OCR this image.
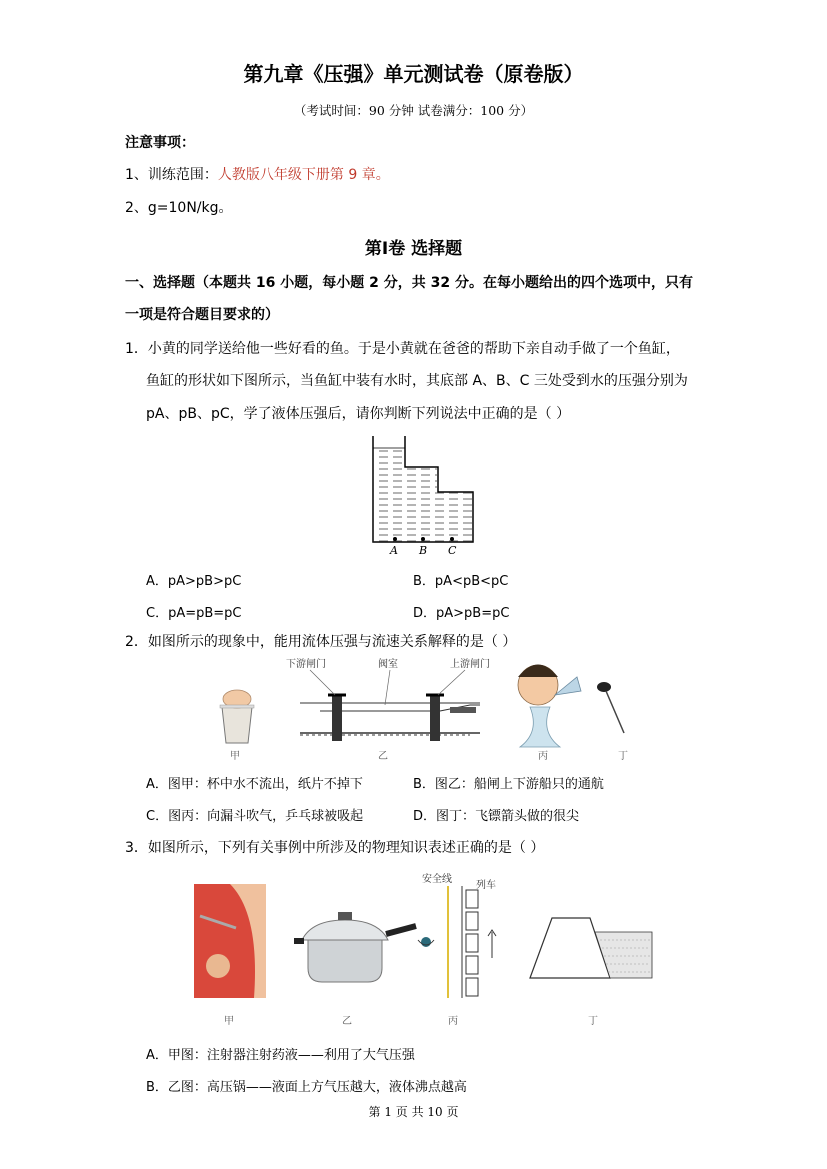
第九章《压强》单元测试卷（原卷版）
（考试时间：90 分钟 试卷满分：100 分）
注意事项：
1、训练范围：人教版八年级下册第 9 章。
2、g=10N/kg。
第Ⅰ卷 选择题
一、选择题（本题共 16 小题，每小题 2 分，共 32 分。在每小题给出的四个选项中，只有
一项是符合题目要求的）
1．小黄的同学送给他一些好看的鱼。于是小黄就在爸爸的帮助下亲自动手做了一个鱼缸，
鱼缸的形状如下图所示，当鱼缸中装有水时，其底部 A、B、C 三处受到水的压强分别为
pA、pB、pC，学了液体压强后，请你判断下列说法中正确的是（ ）
A B C
A．pA>pB>pC	B．pA<pB<pC
C．pA=pB=pC	D．pA>pB=pC
2．如图所示的现象中，能用流体压强与流速关系解释的是（ ）
甲
下游闸门	阀室	上游闸门
乙	丙	丁
A．图甲：杯中水不流出，纸片不掉下	B．图乙：船闸上下游船只的通航
C．图丙：向漏斗吹气，乒乓球被吸起	D．图丁：飞镖箭头做的很尖
3．如图所示，下列有关事例中所涉及的物理知识表述正确的是（ ）
甲	乙
安全线
列车
丙	丁
A．甲图：注射器注射药液——利用了大气压强
B．乙图：高压锅——液面上方气压越大，液体沸点越高
第 1 页 共 10 页
